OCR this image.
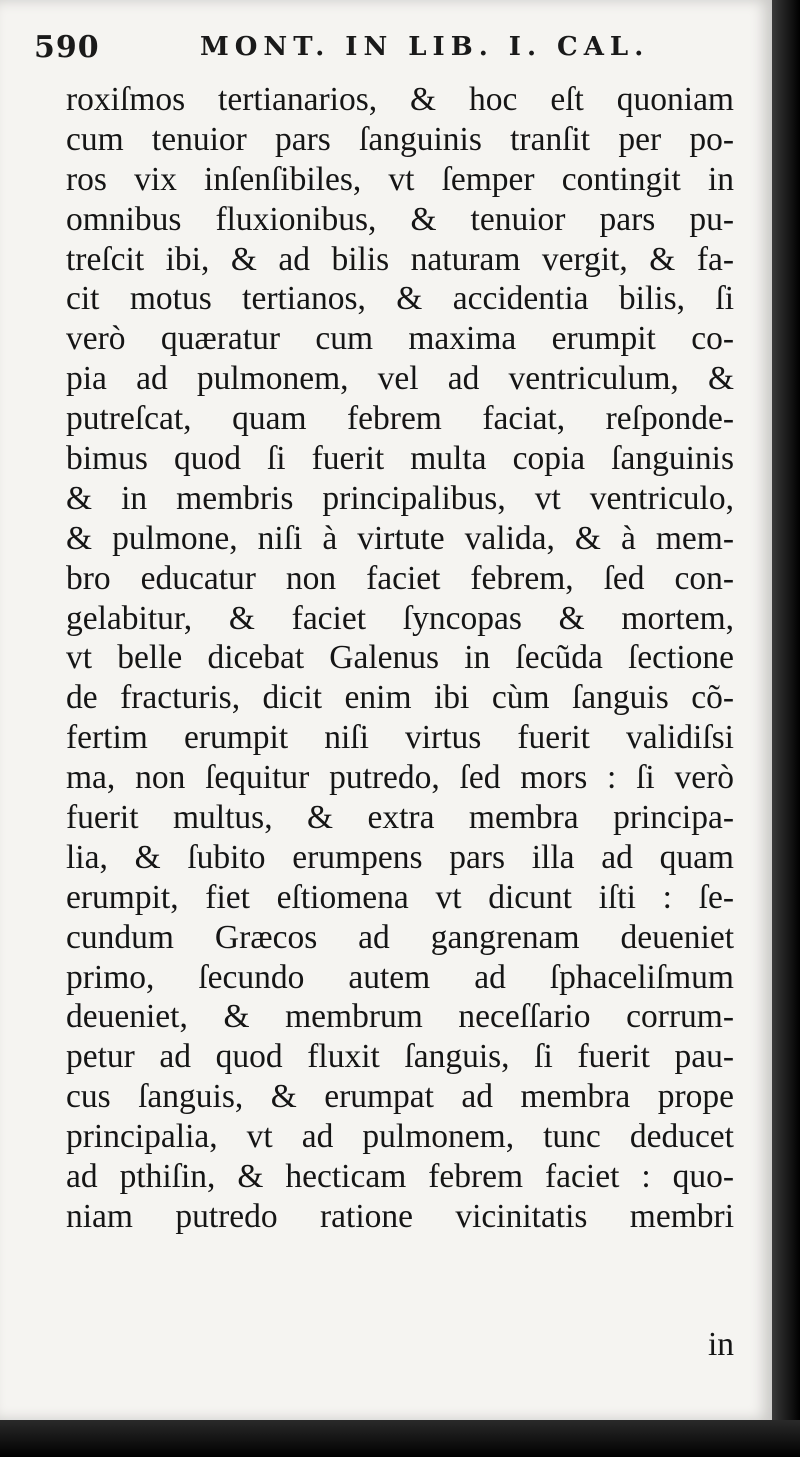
590	MONT. IN LIB. I. CAL.
roxiſmos tertianarios, & hoc eſt quoniam
cum tenuior pars ſanguinis tranſit per po-
ros vix inſenſibiles, vt ſemper contingit in
omnibus fluxionibus, & tenuior pars pu-
treſcit ibi, & ad bilis naturam vergit, & fa-
cit motus tertianos, & accidentia bilis, ſi
verò quæratur cum maxima erumpit co-
pia ad pulmonem, vel ad ventriculum, &
putreſcat, quam febrem faciat, reſponde-
bimus quod ſi fuerit multa copia ſanguinis
& in membris principalibus, vt ventriculo,
& pulmone, niſi à virtute valida, & à mem-
bro educatur non faciet febrem, ſed con-
gelabitur, & faciet ſyncopas & mortem,
vt belle dicebat Galenus in ſecũda ſectione
de fracturis, dicit enim ibi cùm ſanguis cõ-
fertim erumpit niſi virtus fuerit validiſsi
ma, non ſequitur putredo, ſed mors : ſi verò
fuerit multus, & extra membra principa-
lia, & ſubito erumpens pars illa ad quam
erumpit, fiet eſtiomena vt dicunt iſti : ſe-
cundum Græcos ad gangrenam deueniet
primo, ſecundo autem ad ſphaceliſmum
deueniet, & membrum neceſſario corrum-
petur ad quod fluxit ſanguis, ſi fuerit pau-
cus ſanguis, & erumpat ad membra prope
principalia, vt ad pulmonem, tunc deducet
ad pthiſin, & hecticam febrem faciet : quo-
niam putredo ratione vicinitatis membri
in
